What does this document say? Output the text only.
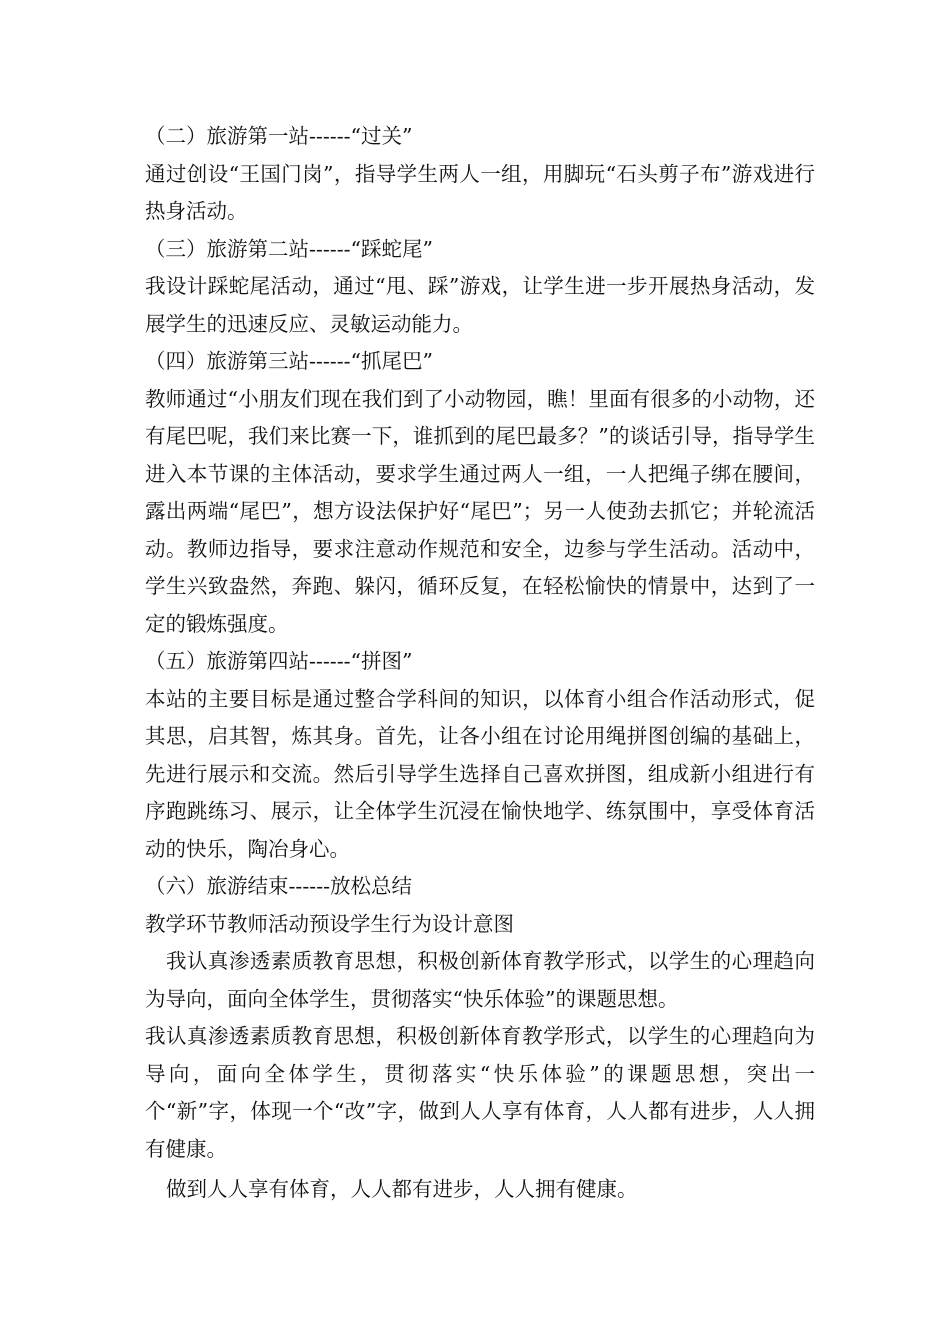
（二）旅游第一站------“过关”

通过创设“王国门岗”，指导学生两人一组，用脚玩“石头剪子布”游戏进行热身活动。

（三）旅游第二站------“踩蛇尾”

我设计踩蛇尾活动，通过“甩、踩”游戏，让学生进一步开展热身活动，发展学生的迅速反应、灵敏运动能力。

（四）旅游第三站------“抓尾巴”

教师通过“小朋友们现在我们到了小动物园，瞧！里面有很多的小动物，还有尾巴呢，我们来比赛一下，谁抓到的尾巴最多？”的谈话引导，指导学生进入本节课的主体活动，要求学生通过两人一组，一人把绳子绑在腰间，露出两端“尾巴”，想方设法保护好“尾巴”；另一人使劲去抓它；并轮流活动。教师边指导，要求注意动作规范和安全，边参与学生活动。活动中，学生兴致盎然，奔跑、躲闪，循环反复，在轻松愉快的情景中，达到了一定的锻炼强度。

（五）旅游第四站------“拼图”

本站的主要目标是通过整合学科间的知识，以体育小组合作活动形式，促其思，启其智，炼其身。首先，让各小组在讨论用绳拼图创编的基础上，先进行展示和交流。然后引导学生选择自己喜欢拼图，组成新小组进行有序跑跳练习、展示，让全体学生沉浸在愉快地学、练氛围中，享受体育活动的快乐，陶冶身心。

（六）旅游结束------放松总结

教学环节教师活动预设学生行为设计意图

我认真渗透素质教育思想，积极创新体育教学形式，以学生的心理趋向为导向，面向全体学生，贯彻落实“快乐体验”的课题思想。

我认真渗透素质教育思想，积极创新体育教学形式，以学生的心理趋向为导向，面向全体学生，贯彻落实“快乐体验”的课题思想，突出一个“新”字，体现一个“改”字，做到人人享有体育，人人都有进步，人人拥有健康。

做到人人享有体育，人人都有进步，人人拥有健康。
